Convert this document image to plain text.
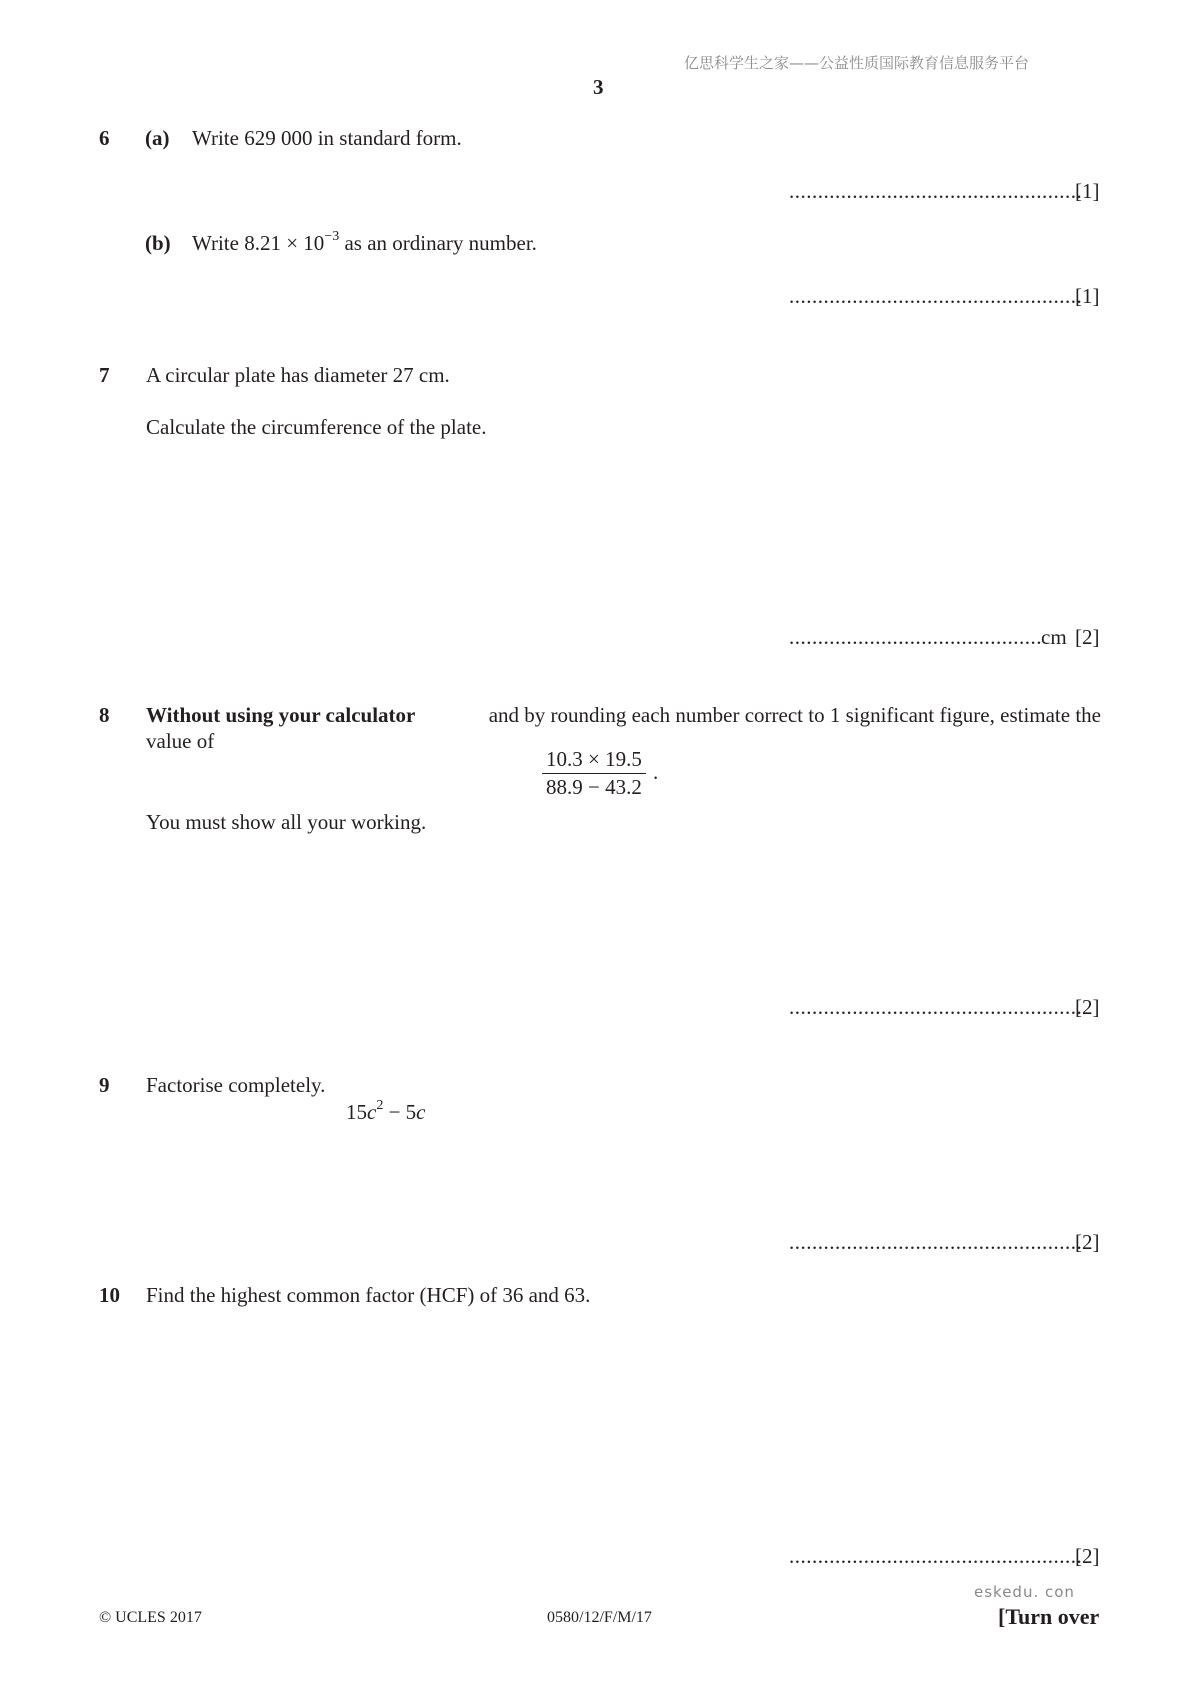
亿思科学生之家——公益性质国际教育信息服务平台
3
6 (a) Write 629 000 in standard form.
...................................................
[1]
(b) Write $8.21 \times 10^{-3}$ as an ordinary number.
...................................................
[1]
7 A circular plate has diameter 27 cm.
Calculate the circumference of the plate.
............................................ cm [2]
8 Without using your calculator	and by rounding each number correct to 1 significant figure, estimate the
value of
$\frac{10.3 \times 19.5}{88.9 - 43.2}$ .
You must show all your working.
...................................................
[2]
9 Factorise completely.
$15c^2 - 5c$
...................................................
[2]
10 Find the highest common factor (HCF) of 36 and 63.
...................................................
[2]
eskedu. con
© UCLES 2017	0580/12/F/M/17	[Turn over
